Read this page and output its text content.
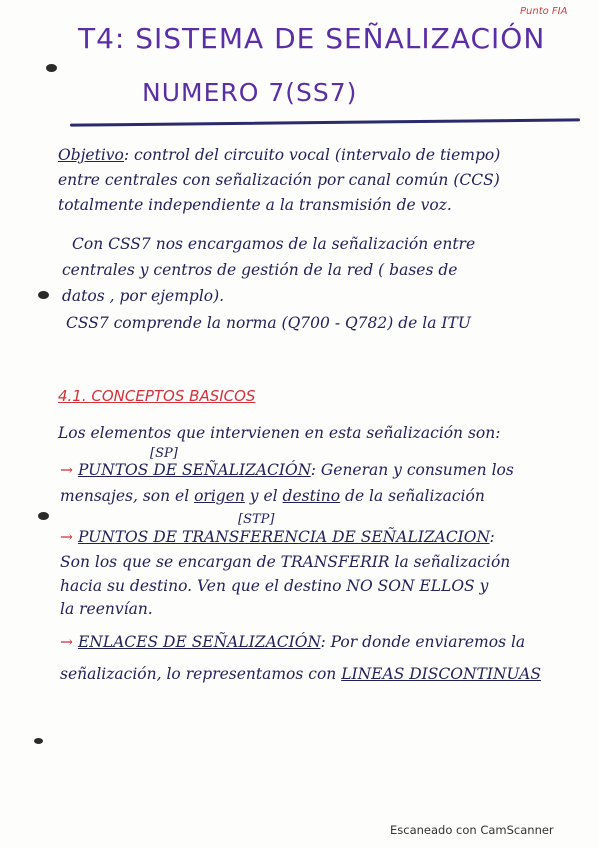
Punto FIA
T4: SISTEMA DE SEÑALIZACIÓN
NUMERO 7(SS7)
Objetivo: control del circuito vocal (intervalo de tiempo)
entre centrales con señalización por canal común (CCS)
totalmente independiente a la transmisión de voz.
Con CSS7 nos encargamos de la señalización entre
centrales y centros de gestión de la red ( bases de
datos , por ejemplo).
CSS7 comprende la norma (Q700 - Q782) de la ITU
4.1. CONCEPTOS BASICOS
Los elementos que intervienen en esta señalización son:
[SP]
→ PUNTOS DE SEÑALIZACIÓN: Generan y consumen los
mensajes, son el origen y el destino de la señalización
[STP]
→ PUNTOS DE TRANSFERENCIA DE SEÑALIZACION:
Son los que se encargan de TRANSFERIR la señalización
hacia su destino. Ven que el destino NO SON ELLOS y
la reenvían.
→ ENLACES DE SEÑALIZACIÓN: Por donde enviaremos la
señalización, lo representamos con LINEAS DISCONTINUAS
Escaneado con CamScanner
